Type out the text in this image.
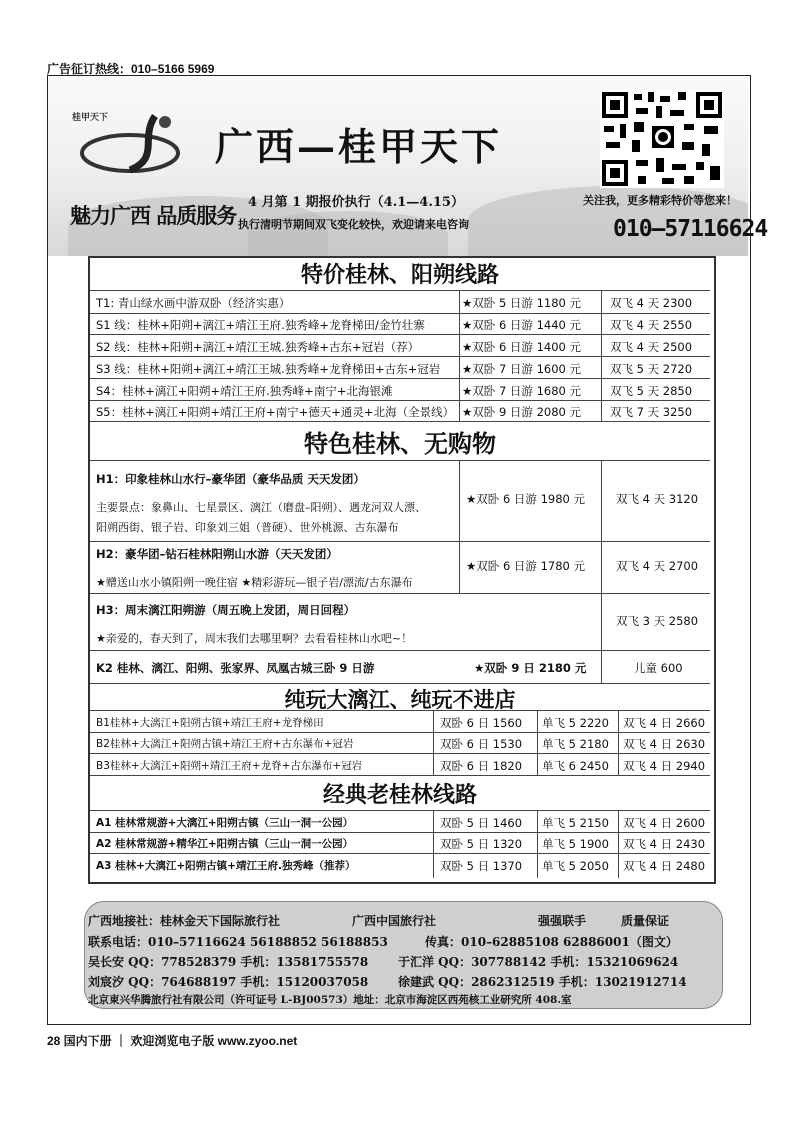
广告征订热线：010–5166 5969
桂甲天下
广西—桂甲天下
魅力广西 品质服务
4 月第 1 期报价执行（4.1—4.15）
执行清明节期间双飞变化较快，欢迎请来电咨询
关注我，更多精彩特价等您来！
010–57116624
特价桂林、阳朔线路
T1: 青山绿水画中游双卧（经济实惠）	★双卧 5 日游 1180 元	双飞 4 天 2300
S1 线：桂林+阳朔+漓江+靖江王府.独秀峰+龙脊梯田/金竹壮寨	★双卧 6 日游 1440 元	双飞 4 天 2550
S2 线：桂林+阳朔+漓江+靖江王城.独秀峰+古东+冠岩（荐）	★双卧 6 日游 1400 元	双飞 4 天 2500
S3 线：桂林+阳朔+漓江+靖江王城.独秀峰+龙脊梯田+古东+冠岩 ★双卧 7 日游 1600 元	双飞 5 天 2720
S4：桂林+漓江+阳朔+靖江王府.独秀峰+南宁+北海银滩	★双卧 7 日游 1680 元	双飞 5 天 2850
S5：桂林+漓江+阳朔+靖江王府+南宁+德天+通灵+北海（全景线） ★双卧 9 日游 2080 元	双飞 7 天 3250
特色桂林、无购物
H1：印象桂林山水行–豪华团（豪华品质 天天发团）
主要景点：象鼻山、七星景区、漓江（磨盘–阳朔）、遇龙河双人漂、
阳朔西街、银子岩、印象刘三姐（普硬）、世外桃源、古东瀑布
★双卧 6 日游 1980 元	双飞 4 天 3120
H2：豪华团–钻石桂林阳朔山水游（天天发团）
★赠送山水小镇阳朔一晚住宿 ★精彩游玩—银子岩/漂流/古东瀑布
★双卧 6 日游 1780 元	双飞 4 天 2700
H3：周末漓江阳朔游（周五晚上发团，周日回程）
★亲爱的，春天到了，周末我们去哪里啊？去看看桂林山水吧~！
双飞 3 天 2580
K2 桂林、漓江、阳朔、张家界、凤凰古城三卧 9 日游	★双卧 9 日 2180 元	儿童 600
纯玩大漓江、纯玩不进店
B1桂林+大漓江+阳朔古镇+靖江王府+龙脊梯田	双卧 6 日 1560 单飞 5 2220 双飞 4 日 2660
B2桂林+大漓江+阳朔古镇+靖江王府+古东瀑布+冠岩	双卧 6 日 1530 单飞 5 2180 双飞 4 日 2630
B3桂林+大漓江+阳朔+靖江王府+龙脊+古东瀑布+冠岩	双卧 6 日 1820 单飞 6 2450 双飞 4 日 2940
经典老桂林线路
A1 桂林常规游+大漓江+阳朔古镇（三山一洞一公园）	双卧 5 日 1460 单飞 5 2150 双飞 4 日 2600
A2 桂林常规游+精华江+阳朔古镇（三山一洞一公园）	双卧 5 日 1320 单飞 5 1900 双飞 4 日 2430
A3 桂林+大漓江+阳朔古镇+靖江王府.独秀峰（推荐）	双卧 5 日 1370 单飞 5 2050 双飞 4 日 2480
广西地接社：桂林金天下国际旅行社	广西中国旅行社	强强联手	质量保证
联系电话：010–57116624 56188852 56188853	传真：010–62885108 62886001（图文）
吴长安 QQ：778528379 手机：13581755578 于汇洋 QQ：307788142 手机：15321069624
刘宸汐 QQ：764688197 手机：15120037058 徐建武 QQ：2862312519 手机：13021912714
北京東兴华腾旅行社有限公司（许可证号 L-BJ00573）地址：北京市海淀区西苑核工业研究所 408.室
28 国内下册 ｜ 欢迎浏览电子版 www.zyoo.net
